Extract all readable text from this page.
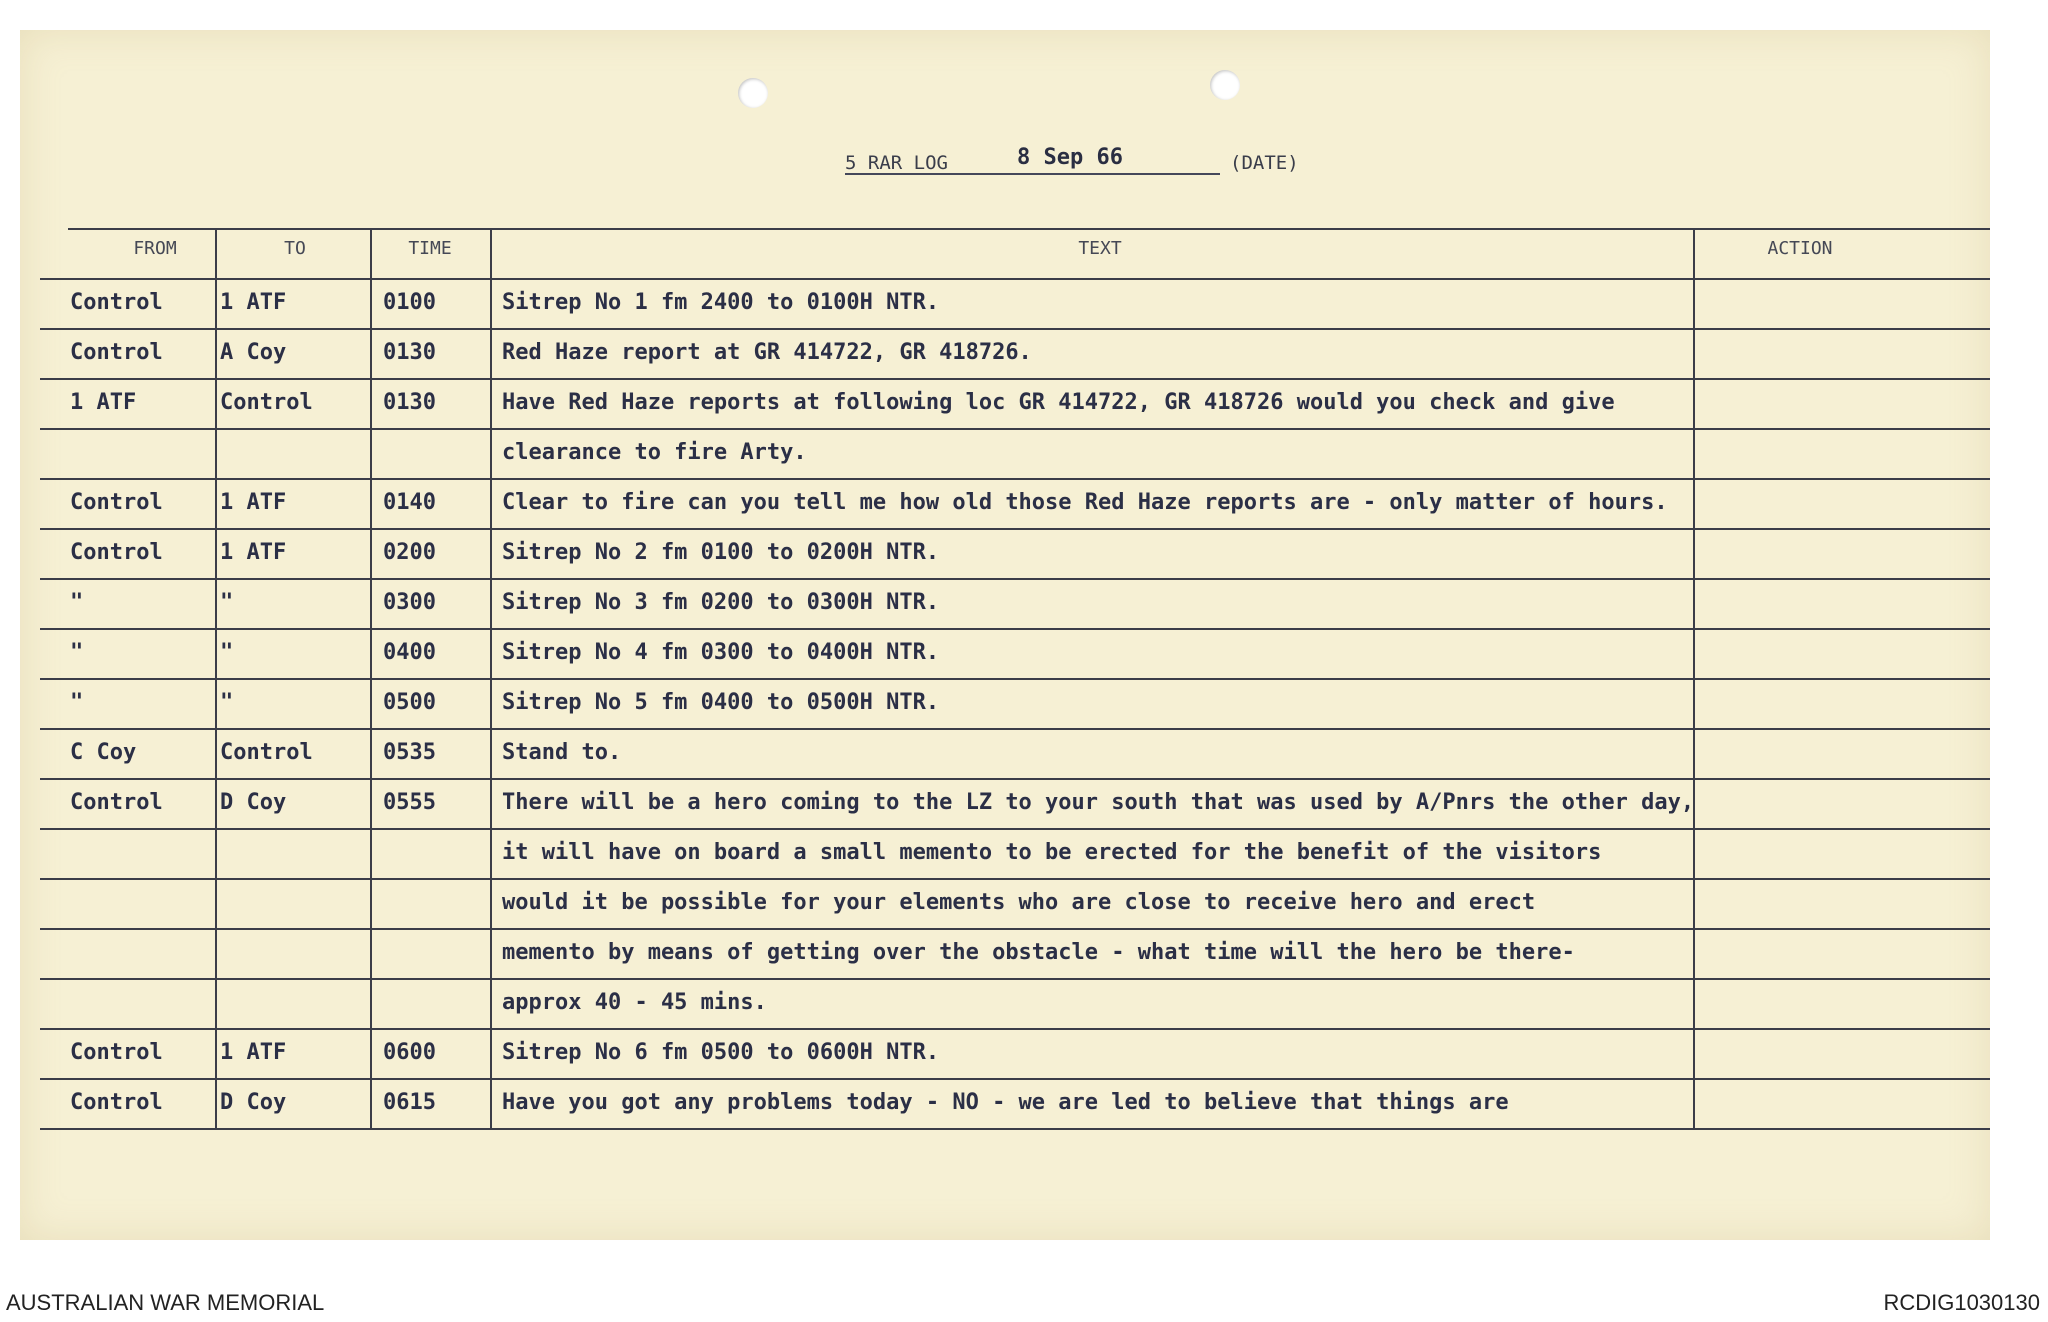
5 RAR LOG	8 Sep 66	(DATE)
FROM	TO	TIME	TEXT	ACTION
Control	1 ATF	0100	Sitrep No 1 fm 2400 to 0100H NTR.
Control	A Coy	0130	Red Haze report at GR 414722, GR 418726.
1 ATF	Control	0130	Have Red Haze reports at following loc GR 414722, GR 418726 would you check and give
clearance to fire Arty.
Control	1 ATF	0140	Clear to fire can you tell me how old those Red Haze reports are - only matter of hours.
Control	1 ATF	0200	Sitrep No 2 fm 0100 to 0200H NTR.
"	"	0300	Sitrep No 3 fm 0200 to 0300H NTR.
"	"	0400	Sitrep No 4 fm 0300 to 0400H NTR.
"	"	0500	Sitrep No 5 fm 0400 to 0500H NTR.
C Coy	Control	0535	Stand to.
Control	D Coy	0555	There will be a hero coming to the LZ to your south that was used by A/Pnrs the other day,
it will have on board a small memento to be erected for the benefit of the visitors
would it be possible for your elements who are close to receive hero and erect
memento by means of getting over the obstacle - what time will the hero be there-
approx 40 - 45 mins.
Control	1 ATF	0600	Sitrep No 6 fm 0500 to 0600H NTR.
Control	D Coy	0615	Have you got any problems today - NO - we are led to believe that things are
AUSTRALIAN WAR MEMORIAL	RCDIG1030130
